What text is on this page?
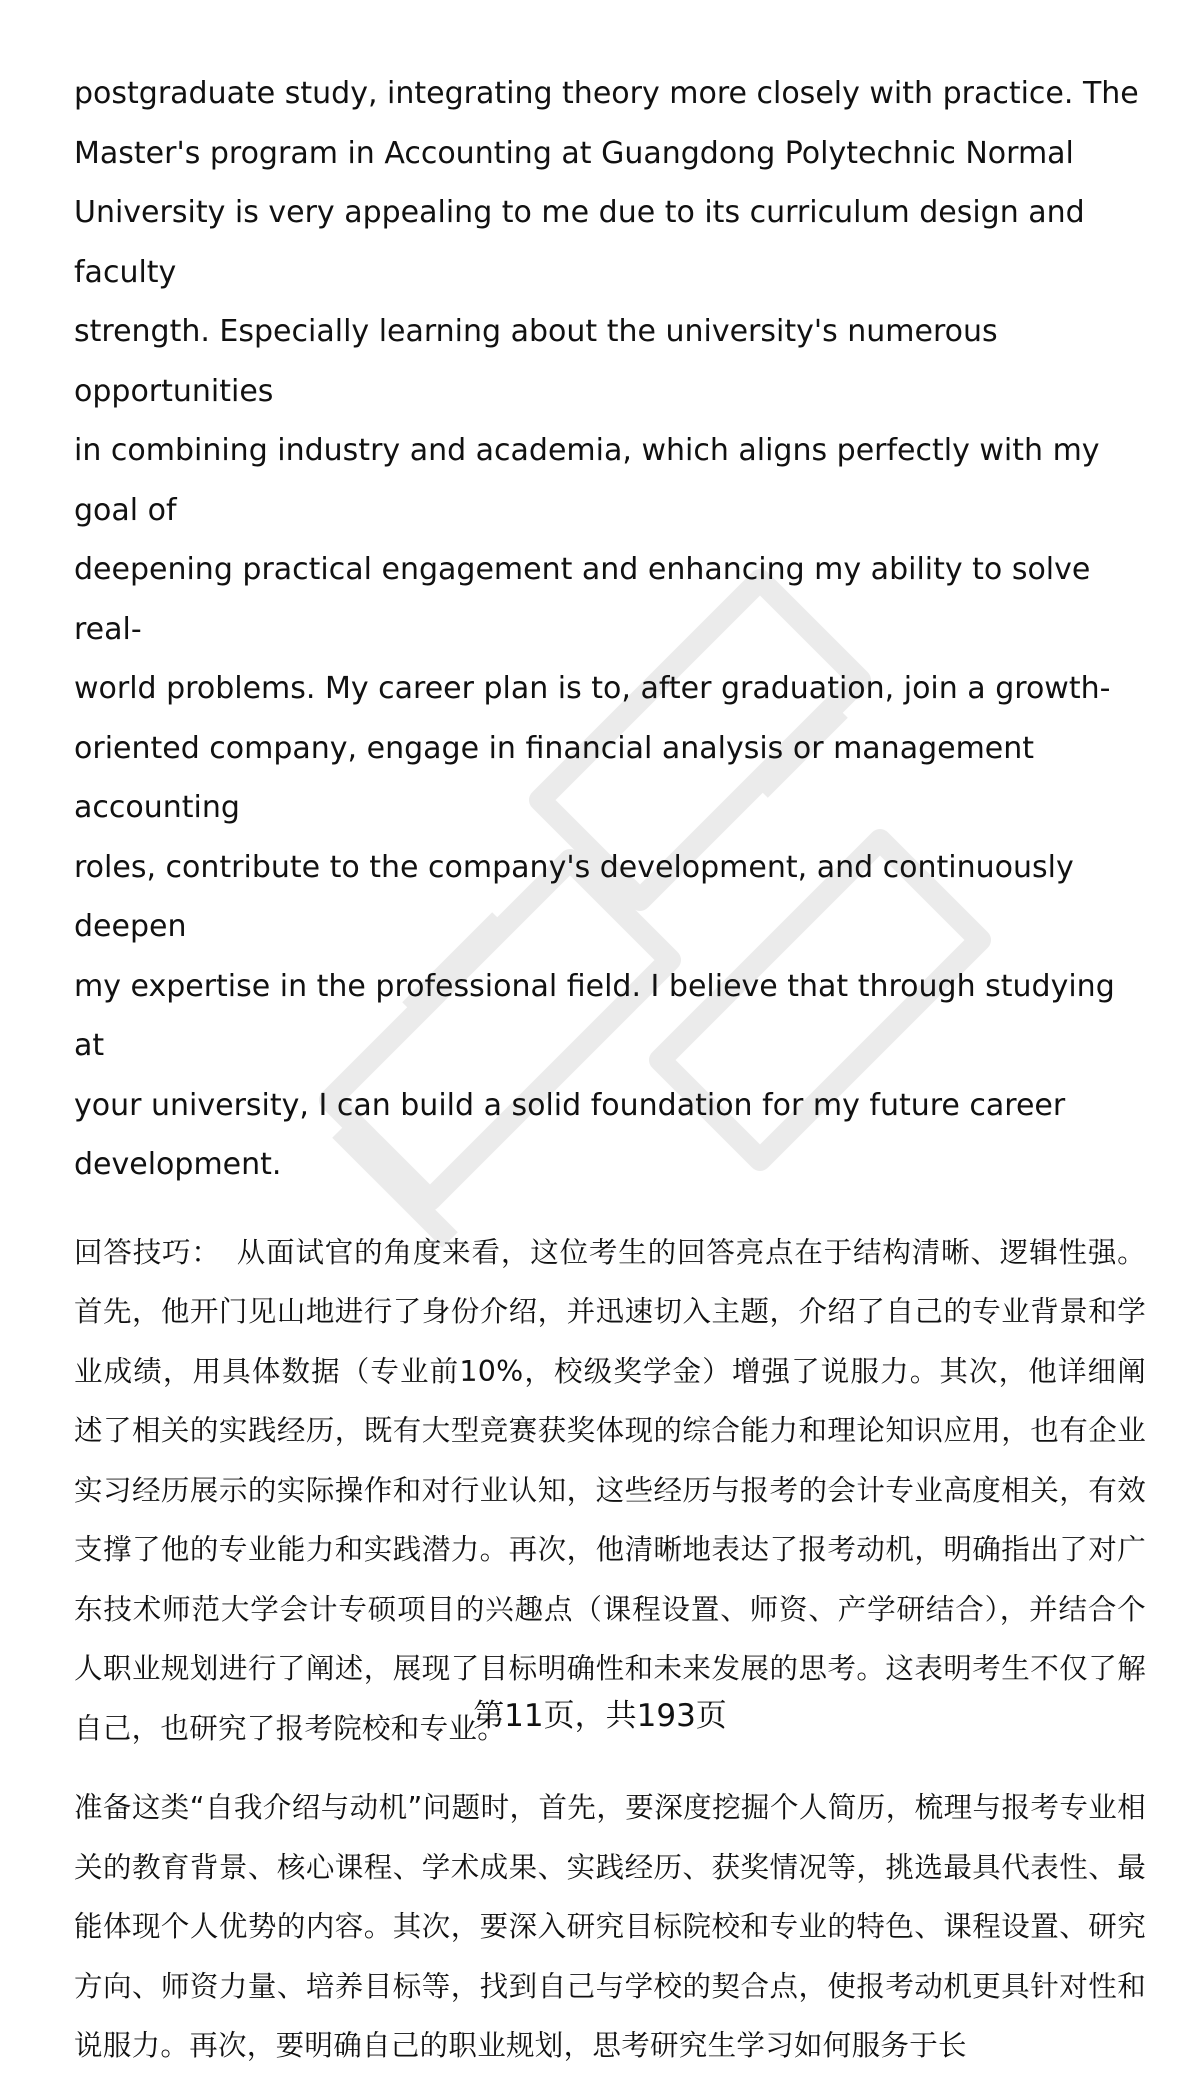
postgraduate study, integrating theory more closely with practice. The
Master's program in Accounting at Guangdong Polytechnic Normal
University is very appealing to me due to its curriculum design and faculty
strength. Especially learning about the university's numerous opportunities
in combining industry and academia, which aligns perfectly with my goal of
deepening practical engagement and enhancing my ability to solve real-
world problems. My career plan is to, after graduation, join a growth-
oriented company, engage in financial analysis or management accounting
roles, contribute to the company's development, and continuously deepen
my expertise in the professional field. I believe that through studying at
your university, I can build a solid foundation for my future career
development.

回答技巧： 从面试官的角度来看，这位考生的回答亮点在于结构清晰、逻辑性强。首先，他开门见山地进行了身份介绍，并迅速切入主题，介绍了自己的专业背景和学业成绩，用具体数据（专业前10%，校级奖学金）增强了说服力。其次，他详细阐述了相关的实践经历，既有大型竞赛获奖体现的综合能力和理论知识应用，也有企业实习经历展示的实际操作和对行业认知，这些经历与报考的会计专业高度相关，有效支撑了他的专业能力和实践潜力。再次，他清晰地表达了报考动机，明确指出了对广东技术师范大学会计专硕项目的兴趣点（课程设置、师资、产学研结合），并结合个人职业规划进行了阐述，展现了目标明确性和未来发展的思考。这表明考生不仅了解自己，也研究了报考院校和专业。

准备这类“自我介绍与动机”问题时，首先，要深度挖掘个人简历，梳理与报考专业相关的教育背景、核心课程、学术成果、实践经历、获奖情况等，挑选最具代表性、最能体现个人优势的内容。其次，要深入研究目标院校和专业的特色、课程设置、研究方向、师资力量、培养目标等，找到自己与学校的契合点，使报考动机更具针对性和说服力。再次，要明确自己的职业规划，思考研究生学习如何服务于长

第11页，共193页
